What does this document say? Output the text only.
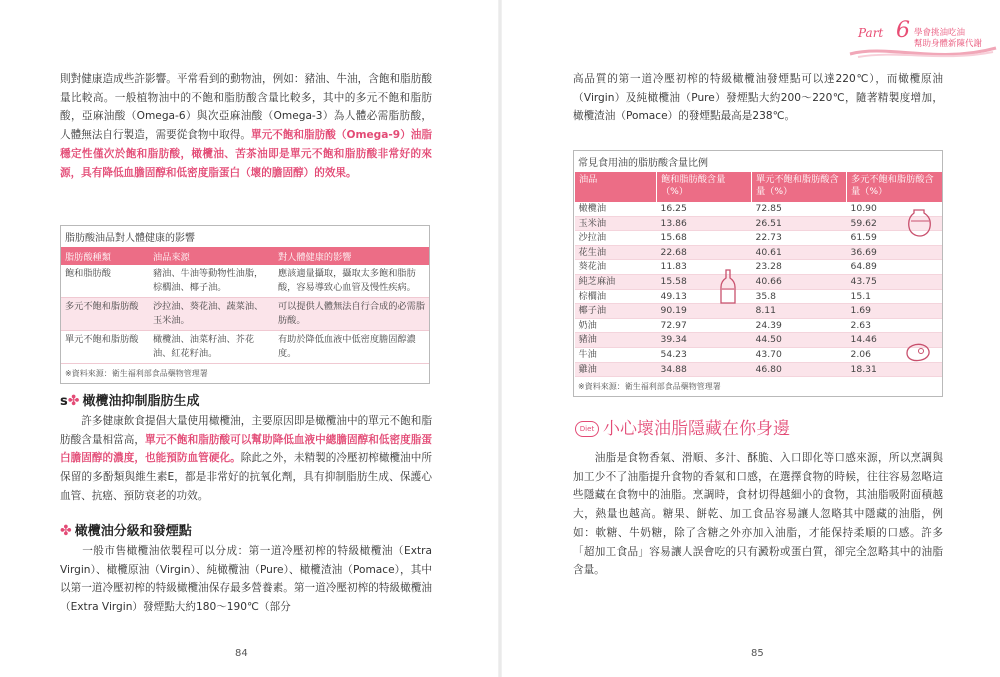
Part 6 學會挑油吃油
幫助身體新陳代謝
則對健康造成些許影響。平常看到的動物油，例如：豬油、牛油，含飽和脂肪酸量比較高。一般植物油中的不飽和脂肪酸含量比較多，其中的多元不飽和脂肪酸，亞麻油酸（Omega-6）與次亞麻油酸（Omega-3）為人體必需脂肪酸，人體無法自行製造，需要從食物中取得。單元不飽和脂肪酸（Omega-9）油脂穩定性僅次於飽和脂肪酸，橄欖油、苦茶油即是單元不飽和脂肪酸非常好的來源，具有降低血膽固醇和低密度脂蛋白（壞的膽固醇）的效果。
脂肪酸油品對人體健康的影響
脂肪酸種類	油品來源	對人體健康的影響
飽和脂肪酸	豬油、牛油等動物性油脂，棕櫚油、椰子油。	應該適量攝取，攝取太多飽和脂肪酸，容易導致心血管及慢性疾病。
多元不飽和脂肪酸	沙拉油、葵花油、蔬菜油、玉米油。	可以提供人體無法自行合成的必需脂肪酸。
單元不飽和脂肪酸	橄欖油、油菜籽油、芥花油、紅花籽油。	有助於降低血液中低密度膽固醇濃度。
※資料來源：衛生福利部食品藥物管理署
s✤ 橄欖油抑制脂肪生成
　　許多健康飲食提倡大量使用橄欖油，主要原因即是橄欖油中的單元不飽和脂肪酸含量相當高，單元不飽和脂肪酸可以幫助降低血液中總膽固醇和低密度脂蛋白膽固醇的濃度，也能預防血管硬化。除此之外，未精製的冷壓初榨橄欖油中所保留的多酚類與維生素E，都是非常好的抗氧化劑，具有抑制脂肪生成、保護心血管、抗癌、預防衰老的功效。
✤ 橄欖油分級和發煙點
　　一般市售橄欖油依製程可以分成：第一道冷壓初榨的特級橄欖油（Extra Virgin）、橄欖原油（Virgin）、純橄欖油（Pure）、橄欖渣油（Pomace），其中以第一道冷壓初榨的特級橄欖油保存最多營養素。第一道冷壓初榨的特級橄欖油（Extra Virgin）發煙點大約180～190℃（部分
84
高品質的第一道冷壓初榨的特級橄欖油發煙點可以達220℃），而橄欖原油（Virgin）及純橄欖油（Pure）發煙點大約200～220℃，隨著精製度增加，橄欖渣油（Pomace）的發煙點最高是238℃。
常見食用油的脂肪酸含量比例
油品	飽和脂肪酸含量（%）	單元不飽和脂肪酸含量（%）	多元不飽和脂肪酸含量（%）
橄欖油	16.25	72.85	10.90
玉米油	13.86	26.51	59.62
沙拉油	15.68	22.73	61.59
花生油	22.68	40.61	36.69
葵花油	11.83	23.28	64.89
純芝麻油	15.58	40.66	43.75
棕櫚油	49.13	35.8	15.1
椰子油	90.19	8.11	1.69
奶油	72.97	24.39	2.63
豬油	39.34	44.50	14.46
牛油	54.23	43.70	2.06
雞油	34.88	46.80	18.31
※資料來源：衛生福利部食品藥物管理署
Diet 小心壞油脂隱藏在你身邊
　　油脂是食物香氣、滑順、多汁、酥脆、入口即化等口感來源，所以烹調與加工少不了油脂提升食物的香氣和口感，在選擇食物的時候，往往容易忽略這些隱藏在食物中的油脂。烹調時，食材切得越細小的食物，其油脂吸附面積越大，熱量也越高。糖果、餅乾、加工食品容易讓人忽略其中隱藏的油脂，例如：軟糖、牛奶糖，除了含糖之外亦加入油脂，才能保持柔順的口感。許多「超加工食品」容易讓人誤會吃的只有澱粉或蛋白質，卻完全忽略其中的油脂含量。
85
